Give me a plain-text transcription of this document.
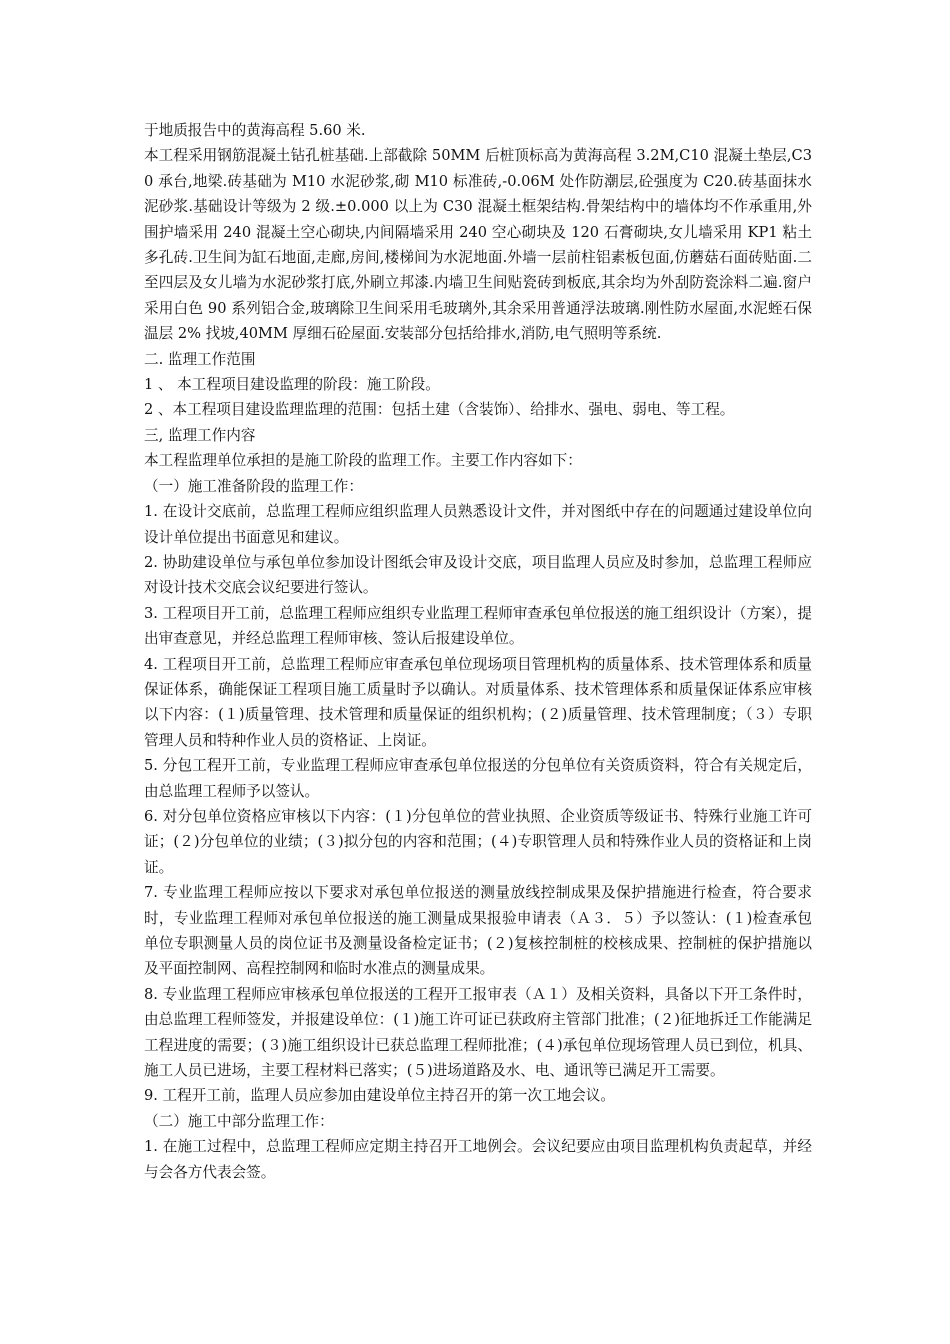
于地质报告中的黄海高程 5.60 米.

本工程采用钢筋混凝土钻孔桩基础.上部截除 50MM 后桩顶标高为黄海高程 3.2M,C10 混凝土垫层,C30 承台,地梁.砖基础为 M10 水泥砂浆,砌 M10 标准砖,-0.06M 处作防潮层,砼强度为 C20.砖基面抹水泥砂浆.基础设计等级为 2 级.±0.000 以上为 C30 混凝土框架结构.骨架结构中的墙体均不作承重用,外围护墙采用 240 混凝土空心砌块,内间隔墙采用 240 空心砌块及 120 石膏砌块,女儿墙采用 KP1 粘土多孔砖.卫生间为缸石地面,走廊,房间,楼梯间为水泥地面.外墙一层前柱铝素板包面,仿蘑菇石面砖贴面.二至四层及女儿墙为水泥砂浆打底,外刷立邦漆.内墙卫生间贴瓷砖到板底,其余均为外刮防瓷涂料二遍.窗户采用白色 90 系列铝合金,玻璃除卫生间采用毛玻璃外,其余采用普通浮法玻璃.刚性防水屋面,水泥蛭石保温层 2% 找坡,40MM 厚细石砼屋面.安装部分包括给排水,消防,电气照明等系统.

二. 监理工作范围

1 、 本工程项目建设监理的阶段：施工阶段。

2 、本工程项目建设监理监理的范围：包括土建（含装饰）、给排水、强电、弱电、等工程。

三, 监理工作内容

本工程监理单位承担的是施工阶段的监理工作。主要工作内容如下：

（一）施工准备阶段的监理工作：

1. 在设计交底前，总监理工程师应组织监理人员熟悉设计文件，并对图纸中存在的问题通过建设单位向设计单位提出书面意见和建议。

2. 协助建设单位与承包单位参加设计图纸会审及设计交底，项目监理人员应及时参加，总监理工程师应对设计技术交底会议纪要进行签认。

3. 工程项目开工前，总监理工程师应组织专业监理工程师审查承包单位报送的施工组织设计（方案），提出审查意见，并经总监理工程师审核、签认后报建设单位。

4. 工程项目开工前，总监理工程师应审查承包单位现场项目管理机构的质量体系、技术管理体系和质量保证体系，确能保证工程项目施工质量时予以确认。对质量体系、技术管理体系和质量保证体系应审核以下内容：(１)质量管理、技术管理和质量保证的组织机构；(２)质量管理、技术管理制度；（３）专职管理人员和特种作业人员的资格证、上岗证。

5. 分包工程开工前，专业监理工程师应审查承包单位报送的分包单位有关资质资料，符合有关规定后，由总监理工程师予以签认。

6. 对分包单位资格应审核以下内容：(１)分包单位的营业执照、企业资质等级证书、特殊行业施工许可证；(２)分包单位的业绩；(３)拟分包的内容和范围；(４)专职管理人员和特殊作业人员的资格证和上岗证。

7. 专业监理工程师应按以下要求对承包单位报送的测量放线控制成果及保护措施进行检查，符合要求时，专业监理工程师对承包单位报送的施工测量成果报验申请表（Ａ３．５）予以签认：(１)检查承包单位专职测量人员的岗位证书及测量设备检定证书；(２)复核控制桩的校核成果、控制桩的保护措施以及平面控制网、高程控制网和临时水准点的测量成果。

8. 专业监理工程师应审核承包单位报送的工程开工报审表（Ａ１）及相关资料，具备以下开工条件时，由总监理工程师签发，并报建设单位：(１)施工许可证已获政府主管部门批准；(２)征地拆迁工作能满足工程进度的需要；(３)施工组织设计已获总监理工程师批准；(４)承包单位现场管理人员已到位，机具、施工人员已进场，主要工程材料已落实；(５)进场道路及水、电、通讯等已满足开工需要。

9. 工程开工前，监理人员应参加由建设单位主持召开的第一次工地会议。

（二）施工中部分监理工作：

1. 在施工过程中，总监理工程师应定期主持召开工地例会。会议纪要应由项目监理机构负责起草，并经与会各方代表会签。
